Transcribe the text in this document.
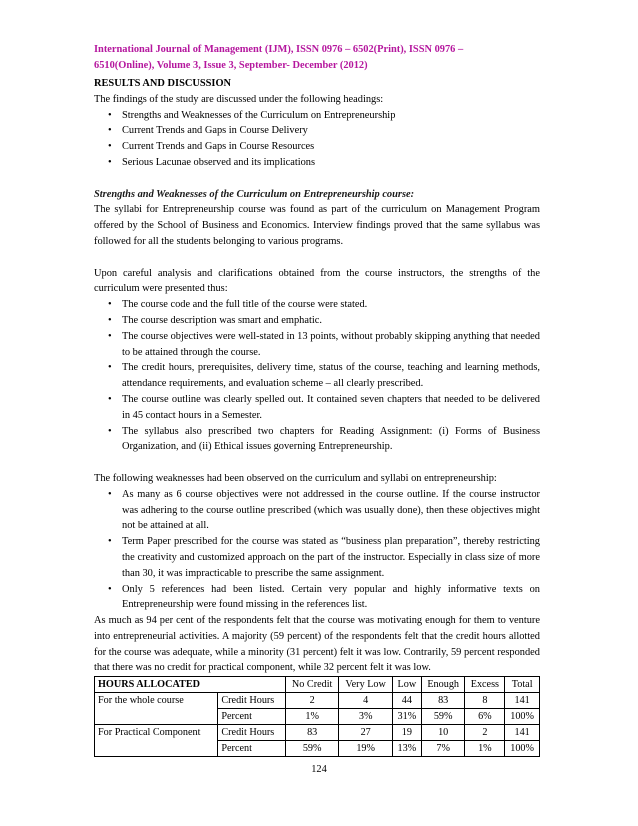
International Journal of Management (IJM), ISSN 0976 – 6502(Print), ISSN 0976 –
6510(Online), Volume 3, Issue 3, September- December (2012)
RESULTS AND DISCUSSION

The findings of the study are discussed under the following headings:

• Strengths and Weaknesses of the Curriculum on Entrepreneurship
• Current Trends and Gaps in Course Delivery
• Current Trends and Gaps in Course Resources
• Serious Lacunae observed and its implications

Strengths and Weaknesses of the Curriculum on Entrepreneurship course:

The syllabi for Entrepreneurship course was found as part of the curriculum on Management Program offered by the School of Business and Economics. Interview findings proved that the same syllabus was followed for all the students belonging to various programs.

Upon careful analysis and clarifications obtained from the course instructors, the strengths of the curriculum were presented thus:

• The course code and the full title of the course were stated.
• The course description was smart and emphatic.
• The course objectives were well-stated in 13 points, without probably skipping anything that needed to be attained through the course.
• The credit hours, prerequisites, delivery time, status of the course, teaching and learning methods, attendance requirements, and evaluation scheme – all clearly prescribed.
• The course outline was clearly spelled out. It contained seven chapters that needed to be delivered in 45 contact hours in a Semester.
• The syllabus also prescribed two chapters for Reading Assignment: (i) Forms of Business Organization, and (ii) Ethical issues governing Entrepreneurship.

The following weaknesses had been observed on the curriculum and syllabi on entrepreneurship:

• As many as 6 course objectives were not addressed in the course outline. If the course instructor was adhering to the course outline prescribed (which was usually done), then these objectives might not be attained at all.
• Term Paper prescribed for the course was stated as “business plan preparation”, thereby restricting the creativity and customized approach on the part of the instructor. Especially in class size of more than 30, it was impracticable to prescribe the same assignment.
• Only 5 references had been listed. Certain very popular and highly informative texts on Entrepreneurship were found missing in the references list.

As much as 94 per cent of the respondents felt that the course was motivating enough for them to venture into entrepreneurial activities. A majority (59 percent) of the respondents felt that the credit hours allotted for the course was adequate, while a minority (31 percent) felt it was low. Contrarily, 59 percent responded that there was no credit for practical component, while 32 percent felt it was low.

HOURS ALLOCATED		No Credit	Very Low	Low	Enough	Excess	Total
For the whole course	Credit Hours	2	4	44	83	8	141
	Percent	1%	3%	31%	59%	6%	100%
For Practical Component	Credit Hours	83	27	19	10	2	141
	Percent	59%	19%	13%	7%	1%	100%
124
